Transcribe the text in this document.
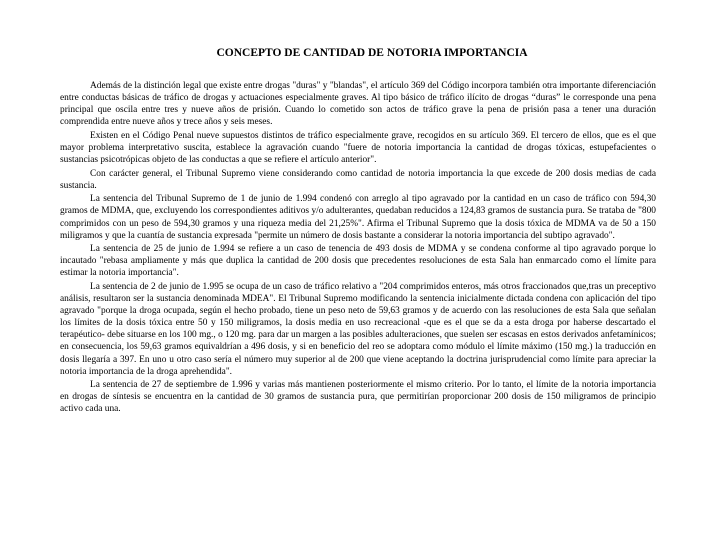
CONCEPTO DE CANTIDAD DE NOTORIA IMPORTANCIA

Además de la distinción legal que existe entre drogas "duras" y "blandas", el artículo 369 del Código incorpora también otra importante diferenciación entre conductas básicas de tráfico de drogas y actuaciones especialmente graves. Al tipo básico de tráfico ilícito de drogas “duras” le corresponde una pena principal que oscila entre tres y nueve años de prisión. Cuando lo cometido son actos de tráfico grave la pena de prisión pasa a tener una duración comprendida entre nueve años y trece años y seis meses.

Existen en el Código Penal nueve supuestos distintos de tráfico especialmente grave, recogidos en su artículo 369. El tercero de ellos, que es el que mayor problema interpretativo suscita, establece la agravación cuando "fuere de notoria importancia la cantidad de drogas tóxicas, estupefacientes o sustancias psicotrópicas objeto de las conductas a que se refiere el artículo anterior".

Con carácter general, el Tribunal Supremo viene considerando como cantidad de notoria importancia la que excede de 200 dosis medias de cada sustancia.

La sentencia del Tribunal Supremo de 1 de junio de 1.994 condenó con arreglo al tipo agravado por la cantidad en un caso de tráfico con 594,30 gramos de MDMA, que, excluyendo los correspondientes aditivos y/o adulterantes, quedaban reducidos a 124,83 gramos de sustancia pura. Se trataba de "800 comprimidos con un peso de 594,30 gramos y una riqueza media del 21,25%". Afirma el Tribunal Supremo que la dosis tóxica de MDMA va de 50 a 150 miligramos y que la cuantía de sustancia expresada "permite un número de dosis bastante a considerar la notoria importancia del subtipo agravado".

La sentencia de 25 de junio de 1.994 se refiere a un caso de tenencia de 493 dosis de MDMA y se condena conforme al tipo agravado porque lo incautado "rebasa ampliamente y más que duplica la cantidad de 200 dosis que precedentes resoluciones de esta Sala han enmarcado como el límite para estimar la notoria importancia".

La sentencia de 2 de junio de 1.995 se ocupa de un caso de tráfico relativo a "204 comprimidos enteros, más otros fraccionados que,tras un preceptivo análisis, resultaron ser la sustancia denominada MDEA". El Tribunal Supremo modificando la sentencia inicialmente dictada condena con aplicación del tipo agravado "porque la droga ocupada, según el hecho probado, tiene un peso neto de 59,63 gramos y de acuerdo con las resoluciones de esta Sala que señalan los límites de la dosis tóxica entre 50 y 150 miligramos, la dosis media en uso recreacional -que es el que se da a esta droga por haberse descartado el terapéutico- debe situarse en los 100 mg., o 120 mg. para dar un margen a las posibles adulteraciones, que suelen ser escasas en estos derivados anfetamínicos; en consecuencia, los 59,63 gramos equivaldrían a 496 dosis, y si en beneficio del reo se adoptara como módulo el límite máximo (150 mg.) la traducción en dosis llegaría a 397. En uno u otro caso sería el número muy superior al de 200 que viene aceptando la doctrina jurisprudencial como límite para apreciar la notoria importancia de la droga aprehendida".

La sentencia de 27 de septiembre de 1.996 y varias más mantienen posteriormente el mismo criterio. Por lo tanto, el límite de la notoria importancia en drogas de síntesis se encuentra en la cantidad de 30 gramos de sustancia pura, que permitirían proporcionar 200 dosis de 150 miligramos de principio activo cada una.
